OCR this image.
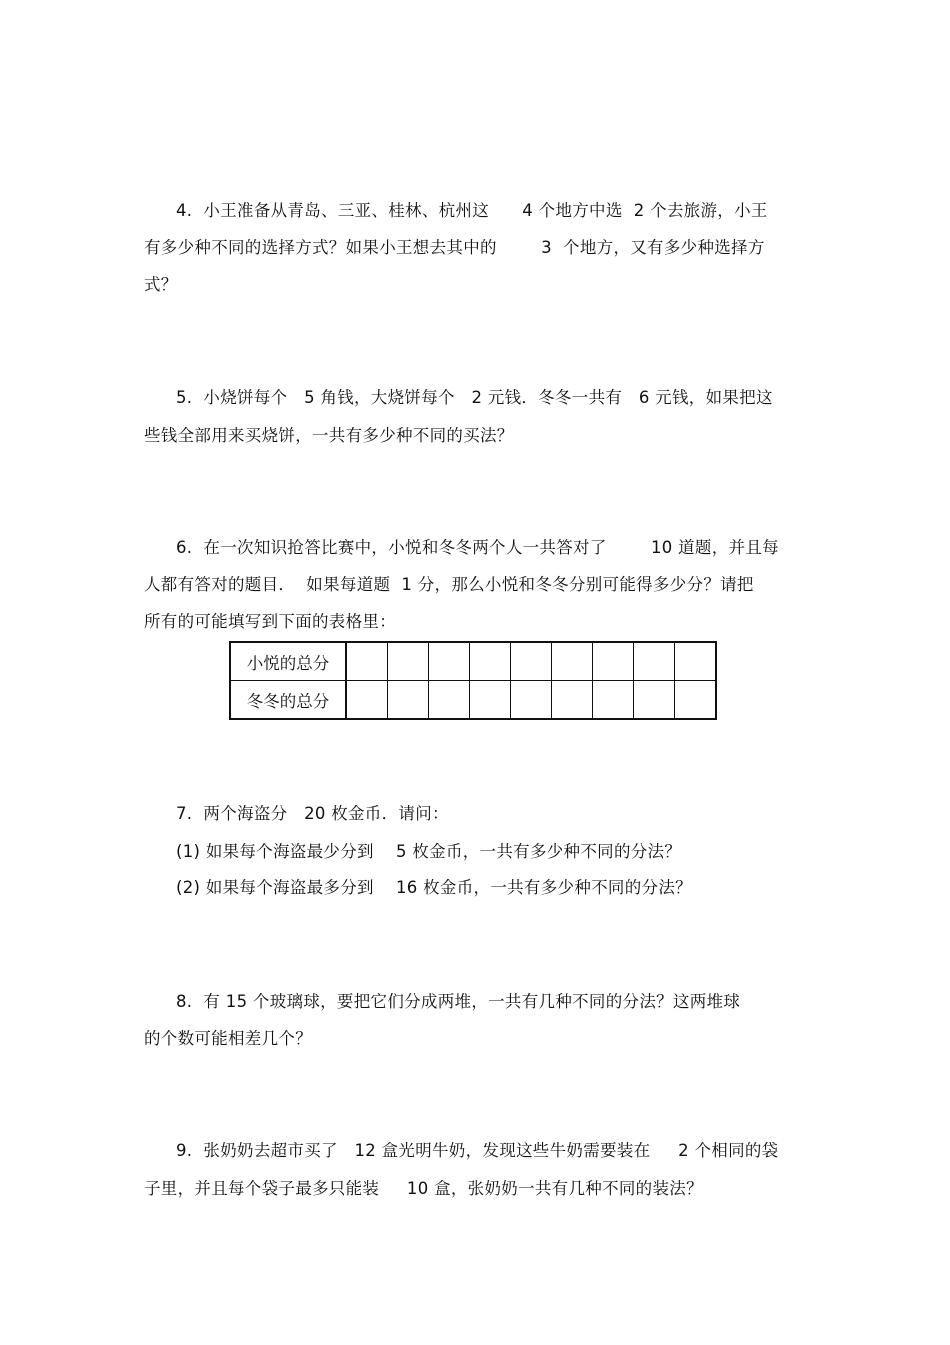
4.  小王准备从青岛、三亚、桂林、杭州这      4 个地方中选  2 个去旅游，小王
有多少种不同的选择方式？如果小王想去其中的        3  个地方，又有多少种选择方
式？
5.  小烧饼每个   5 角钱，大烧饼每个   2 元钱．冬冬一共有   6 元钱，如果把这
些钱全部用来买烧饼，一共有多少种不同的买法？
6.  在一次知识抢答比赛中，小悦和冬冬两个人一共答对了        10 道题，并且每
人都有答对的题目．  如果每道题  1 分，那么小悦和冬冬分别可能得多少分？请把
所有的可能填写到下面的表格里：
小悦的总分									
冬冬的总分									
7.  两个海盗分   20 枚金币．请问：
(1) 如果每个海盗最少分到    5 枚金币，一共有多少种不同的分法？
(2) 如果每个海盗最多分到    16 枚金币，一共有多少种不同的分法？
8.  有 15 个玻璃球，要把它们分成两堆，一共有几种不同的分法？这两堆球
的个数可能相差几个？
9.  张奶奶去超市买了   12 盒光明牛奶，发现这些牛奶需要装在     2 个相同的袋
子里，并且每个袋子最多只能装     10 盒，张奶奶一共有几种不同的装法？
